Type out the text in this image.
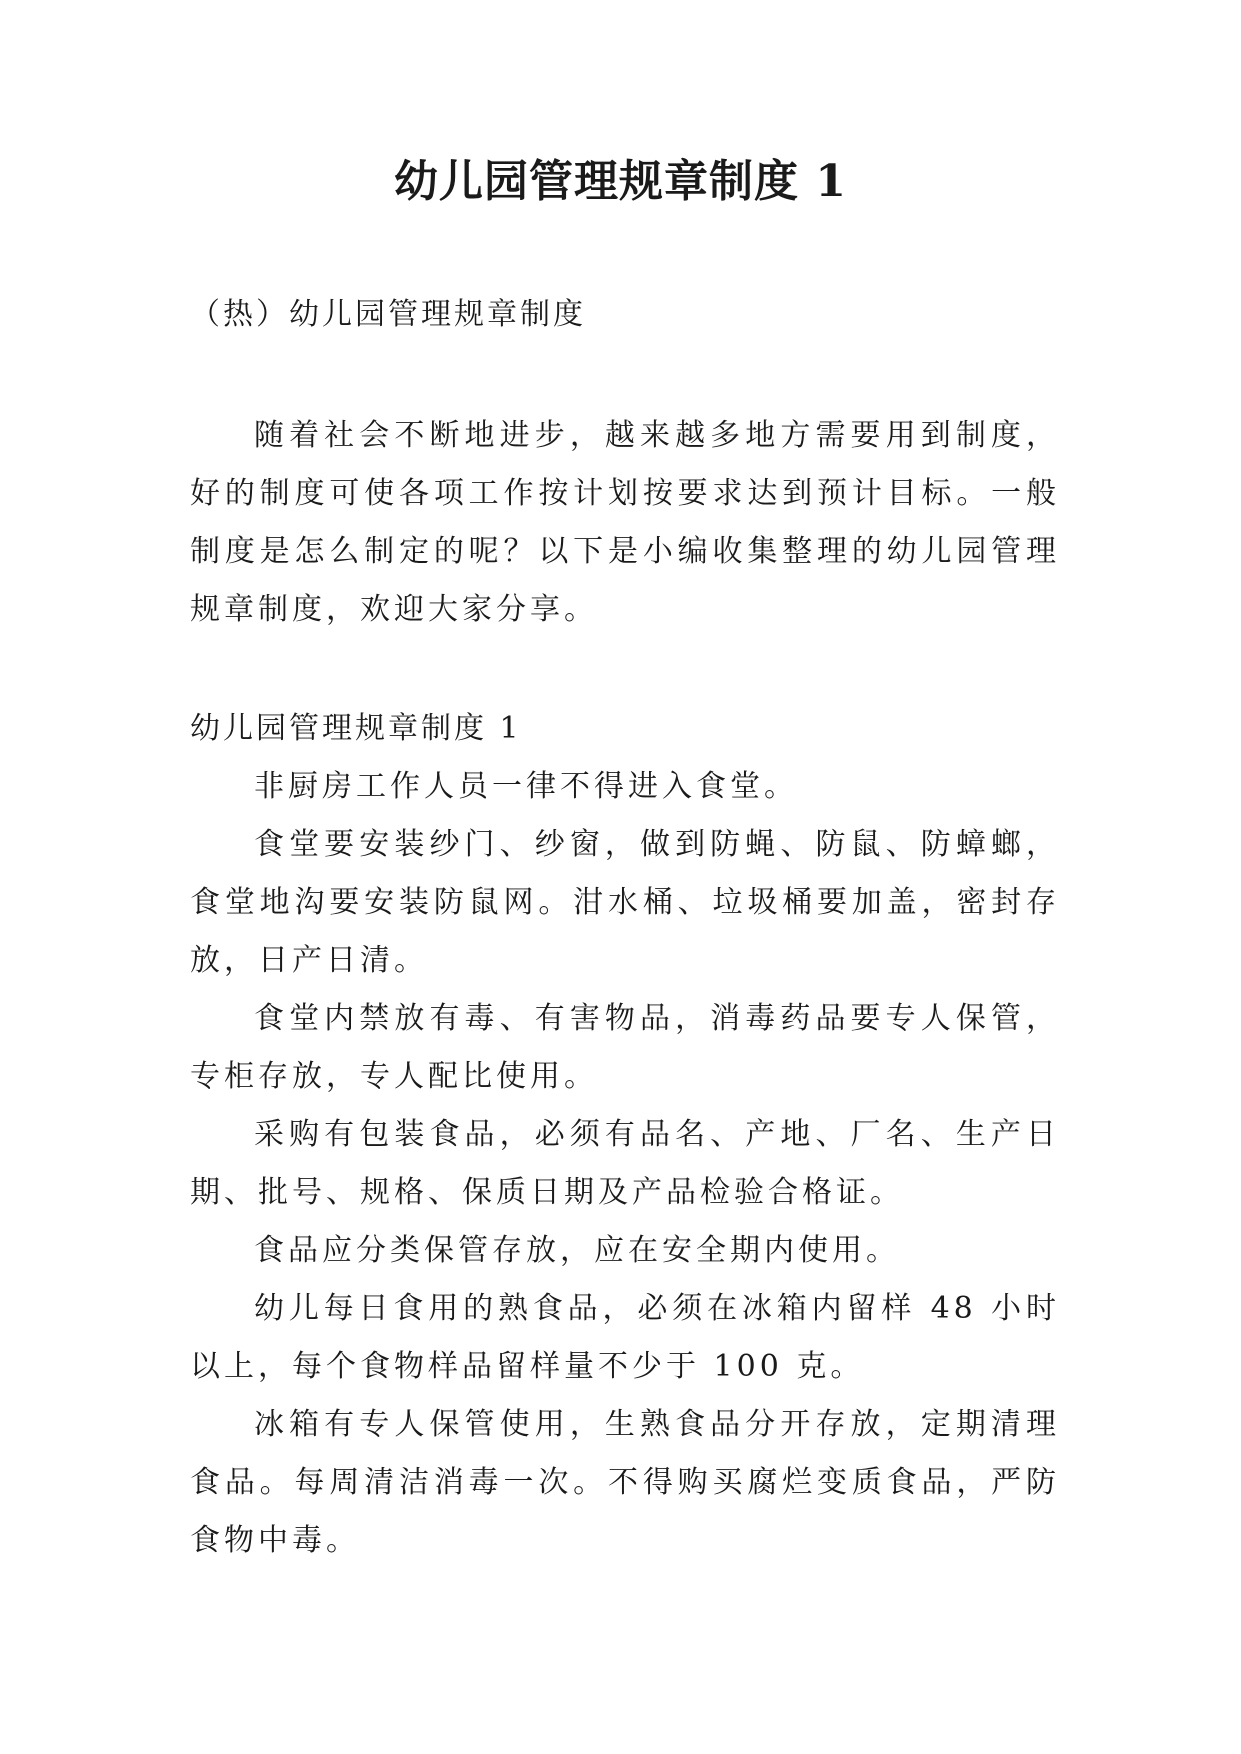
幼儿园管理规章制度 1
（热）幼儿园管理规章制度

随着社会不断地进步，越来越多地方需要用到制度，好的制度可使各项工作按计划按要求达到预计目标。一般制度是怎么制定的呢？以下是小编收集整理的幼儿园管理规章制度，欢迎大家分享。

幼儿园管理规章制度 1

非厨房工作人员一律不得进入食堂。

食堂要安装纱门、纱窗，做到防蝇、防鼠、防蟑螂，食堂地沟要安装防鼠网。泔水桶、垃圾桶要加盖，密封存放，日产日清。

食堂内禁放有毒、有害物品，消毒药品要专人保管，专柜存放，专人配比使用。

采购有包装食品，必须有品名、产地、厂名、生产日期、批号、规格、保质日期及产品检验合格证。

食品应分类保管存放，应在安全期内使用。

幼儿每日食用的熟食品，必须在冰箱内留样 48 小时以上，每个食物样品留样量不少于 100 克。

冰箱有专人保管使用，生熟食品分开存放，定期清理食品。每周清洁消毒一次。不得购买腐烂变质食品，严防食物中毒。
